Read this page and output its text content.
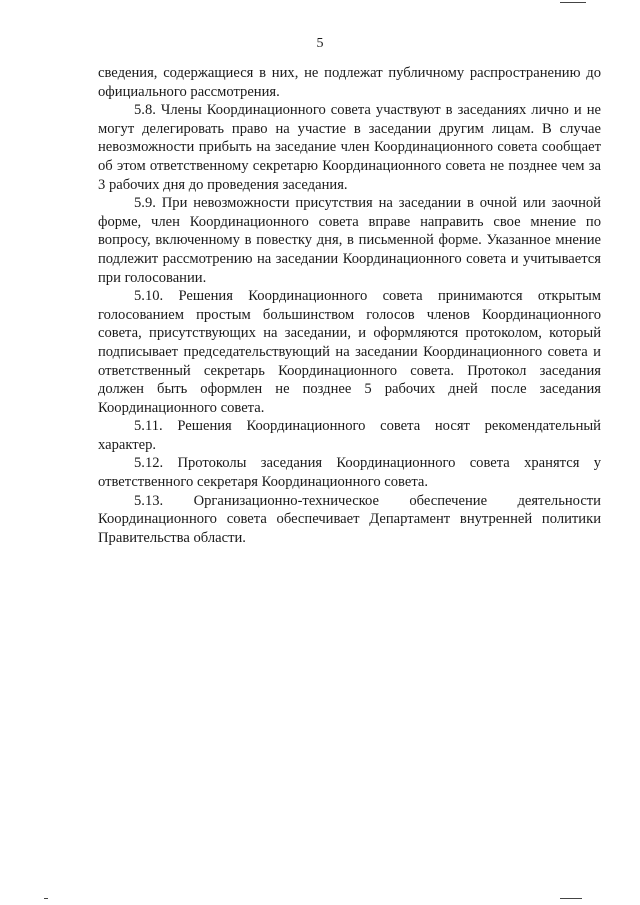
5

сведения, содержащиеся в них, не подлежат публичному распространению до официального рассмотрения.

5.8. Члены Координационного совета участвуют в заседаниях лично и не могут делегировать право на участие в заседании другим лицам. В случае невозможности прибыть на заседание член Координационного совета сообщает об этом ответственному секретарю Координационного совета не позднее чем за 3 рабочих дня до проведения заседания.

5.9. При невозможности присутствия на заседании в очной или заочной форме, член Координационного совета вправе направить свое мнение по вопросу, включенному в повестку дня, в письменной форме. Указанное мнение подлежит рассмотрению на заседании Координационного совета и учитывается при голосовании.

5.10. Решения Координационного совета принимаются открытым голосованием простым большинством голосов членов Координационного совета, присутствующих на заседании, и оформляются протоколом, который подписывает председательствующий на заседании Координационного совета и ответственный секретарь Координационного совета. Протокол заседания должен быть оформлен не позднее 5 рабочих дней после заседания Координационного совета.

5.11. Решения Координационного совета носят рекомендательный характер.

5.12. Протоколы заседания Координационного совета хранятся у ответственного секретаря Координационного совета.

5.13. Организационно-техническое обеспечение деятельности Координационного совета обеспечивает Департамент внутренней политики Правительства области.
